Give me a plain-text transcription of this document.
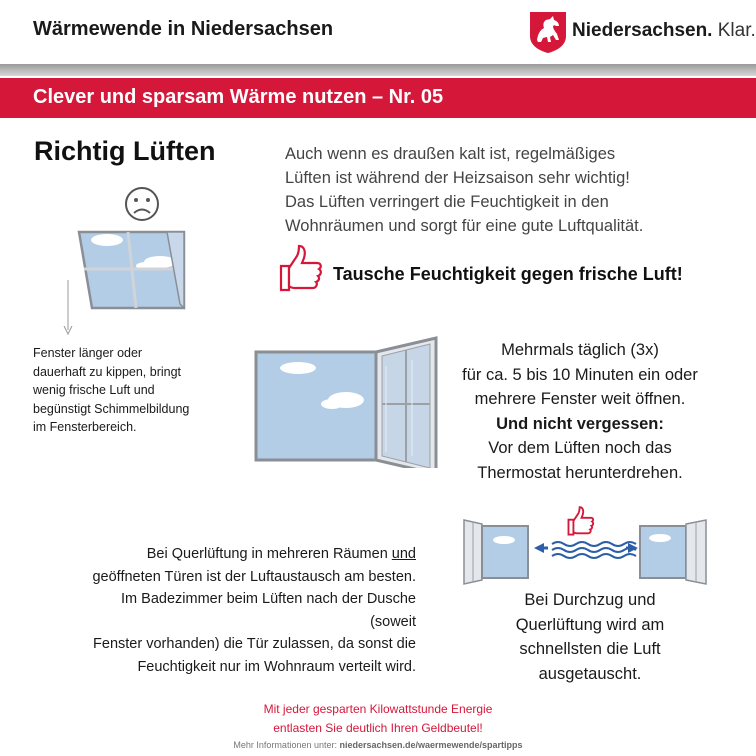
Wärmewende in Niedersachsen	Niedersachsen. Klar.
Clever und sparsam Wärme nutzen – Nr. 05
Richtig Lüften	Auch wenn es draußen kalt ist, regelmäßiges
Lüften ist während der Heizsaison sehr wichtig!
Das Lüften verringert die Feuchtigkeit in den
Wohnräumen und sorgt für eine gute Luftqualität.
Tausche Feuchtigkeit gegen frische Luft!
Fenster länger oder
dauerhaft zu kippen, bringt
wenig frische Luft und
begünstigt Schimmelbildung
im Fensterbereich.
Mehrmals täglich (3x)
für ca. 5 bis 10 Minuten ein oder
mehrere Fenster weit öffnen.
Und nicht vergessen:
Vor dem Lüften noch das
Thermostat herunterdrehen.
Bei Querlüftung in mehreren Räumen und
geöffneten Türen ist der Luftaustausch am besten.
Im Badezimmer beim Lüften nach der Dusche (soweit
Fenster vorhanden) die Tür zulassen, da sonst die
Feuchtigkeit nur im Wohnraum verteilt wird.
Bei Durchzug und
Querlüftung wird am
schnellsten die Luft
ausgetauscht.
Mit jeder gesparten Kilowattstunde Energie
entlasten Sie deutlich Ihren Geldbeutel!
Mehr Informationen unter: niedersachsen.de/waermewende/spartipps
